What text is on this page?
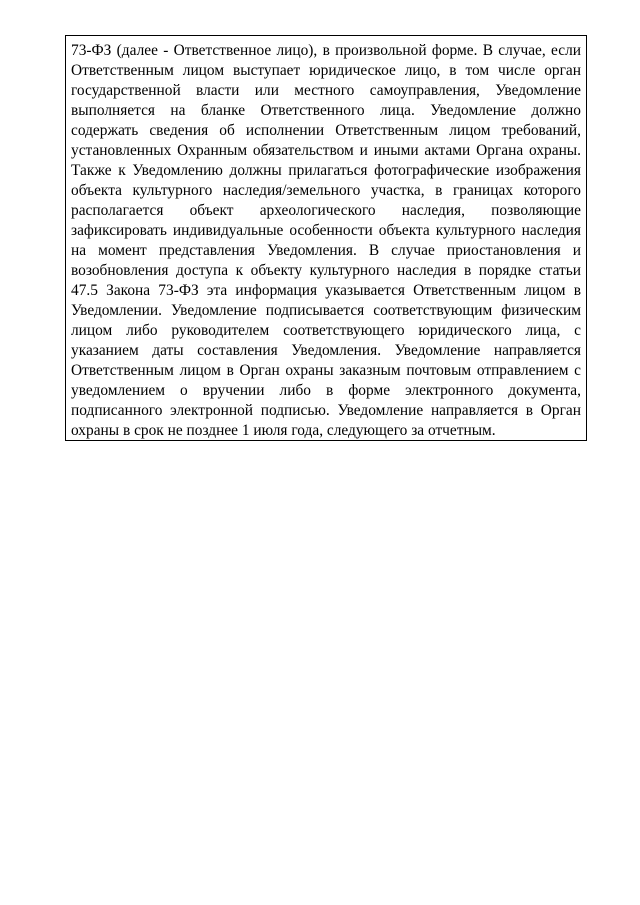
73-ФЗ (далее - Ответственное лицо), в произвольной форме. В случае, если Ответственным лицом выступает юридическое лицо, в том числе орган государственной власти или местного самоуправления, Уведомление выполняется на бланке Ответственного лица. Уведомление должно содержать сведения об исполнении Ответственным лицом требований, установленных Охранным обязательством и иными актами Органа охраны. Также к Уведомлению должны прилагаться фотографические изображения объекта культурного наследия/земельного участка, в границах которого располагается объект археологического наследия, позволяющие зафиксировать индивидуальные особенности объекта культурного наследия на момент представления Уведомления. В случае приостановления и возобновления доступа к объекту культурного наследия в порядке статьи 47.5 Закона 73-ФЗ эта информация указывается Ответственным лицом в Уведомлении. Уведомление подписывается соответствующим физическим лицом либо руководителем соответствующего юридического лица, с указанием даты составления Уведомления. Уведомление направляется Ответственным лицом в Орган охраны заказным почтовым отправлением с уведомлением о вручении либо в форме электронного документа, подписанного электронной подписью. Уведомление направляется в Орган охраны в срок не позднее 1 июля года, следующего за отчетным.
